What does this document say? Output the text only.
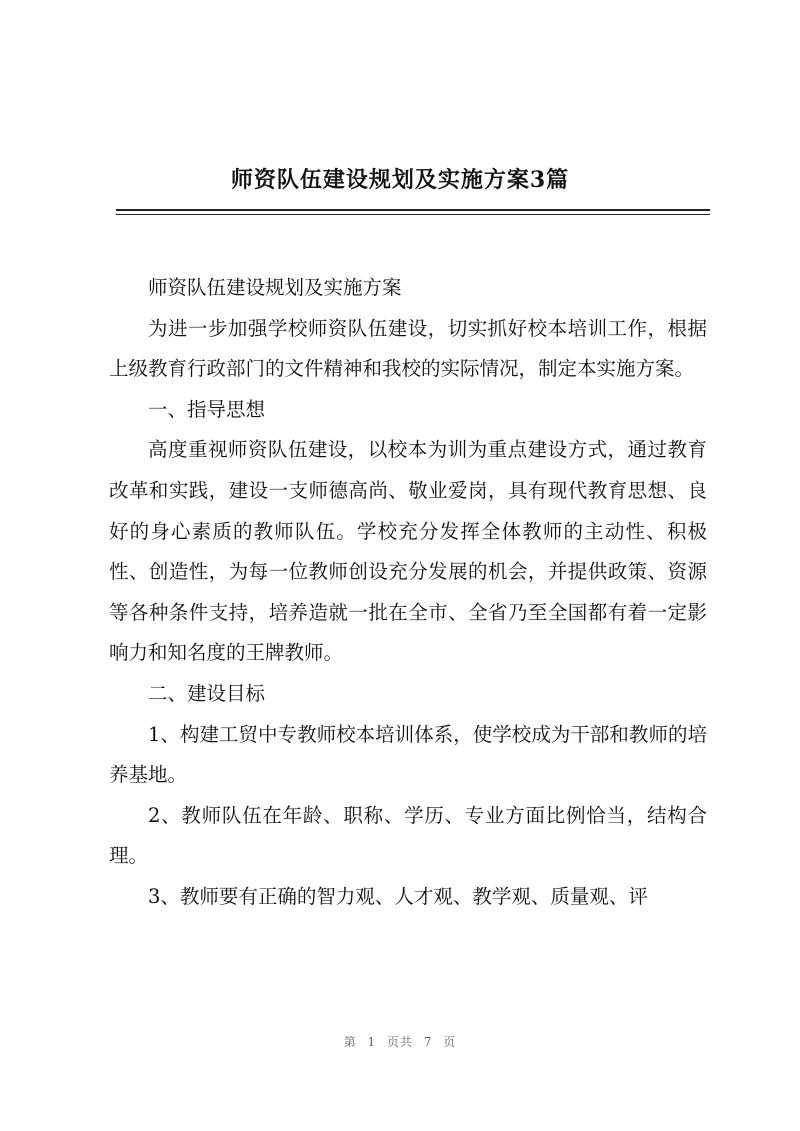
师资队伍建设规划及实施方案3篇

师资队伍建设规划及实施方案

为进一步加强学校师资队伍建设，切实抓好校本培训工作，根据上级教育行政部门的文件精神和我校的实际情况，制定本实施方案。

一、指导思想

高度重视师资队伍建设，以校本为训为重点建设方式，通过教育改革和实践，建设一支师德高尚、敬业爱岗，具有现代教育思想、良好的身心素质的教师队伍。学校充分发挥全体教师的主动性、积极性、创造性，为每一位教师创设充分发展的机会，并提供政策、资源等各种条件支持，培养造就一批在全市、全省乃至全国都有着一定影响力和知名度的王牌教师。

二、建设目标

1、构建工贸中专教师校本培训体系，使学校成为干部和教师的培养基地。

2、教师队伍在年龄、职称、学历、专业方面比例恰当，结构合理。

3、教师要有正确的智力观、人才观、教学观、质量观、评

第 1 页共 7 页
